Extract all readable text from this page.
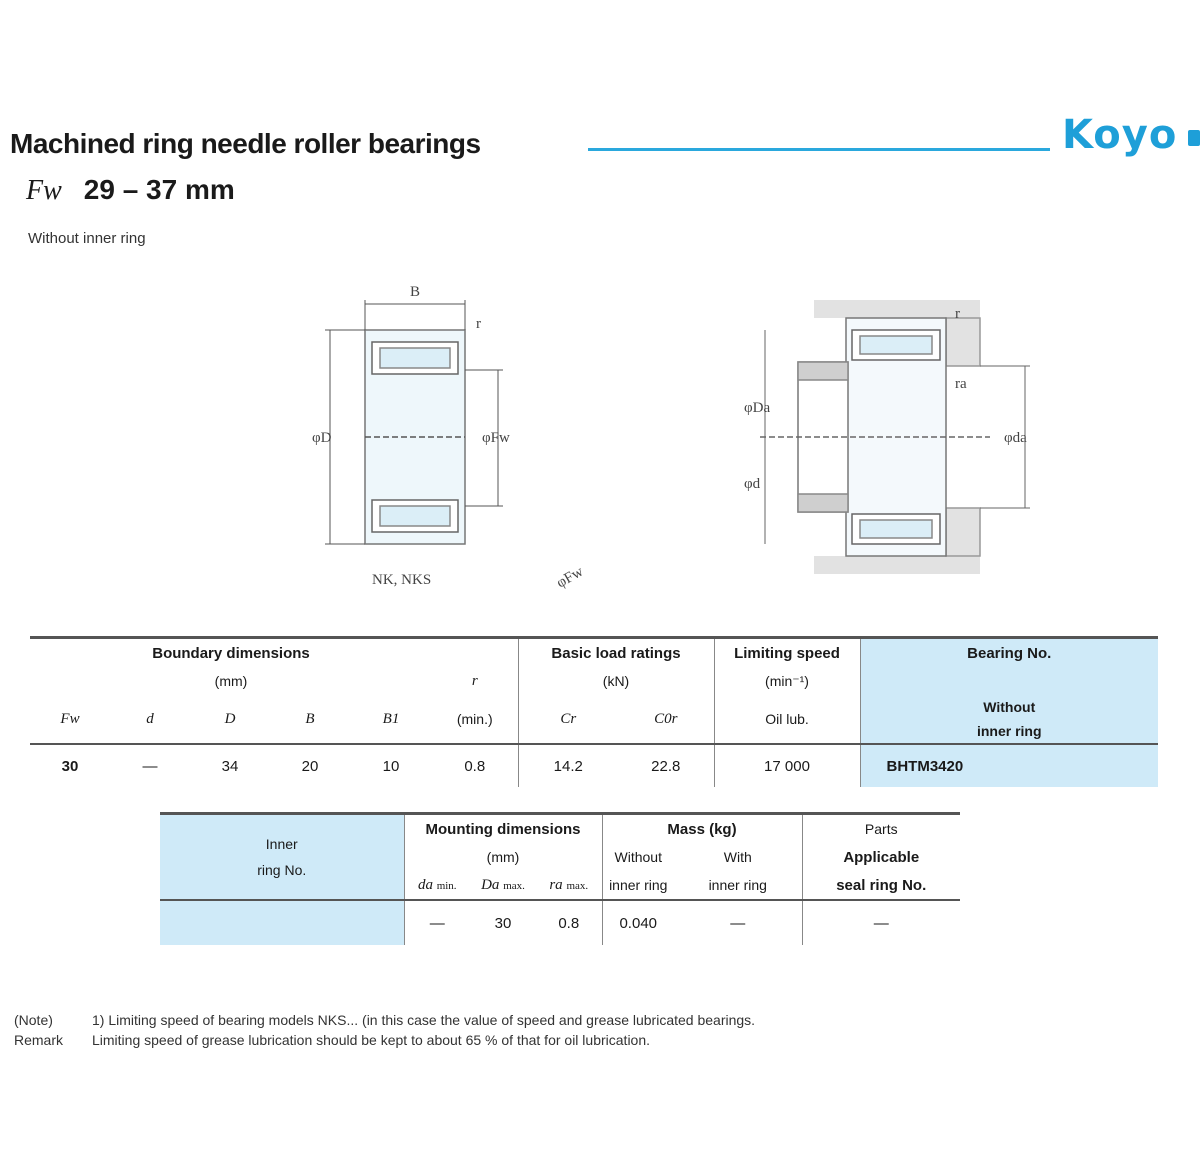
Machined ring needle roller bearings	Koyo
Fw 29 – 37 mm
Without inner ring
B
r
φD	φFw
NK, NKS	φFw
r
ra
φDa
φda
φd
Boundary dimensions						Basic load ratings		Limiting speed	Bearing No.
(mm)					r	(kN)		(min⁻¹)	
Fw	d	D	B	B1	(min.)	Cr	C0r	Oil lub.	Without
inner ring
30	—	34	20	10	0.8	14.2	22.8	17 000	BHTM3420
Inner
ring No.	Mounting dimensions			Mass (kg)		Parts
	(mm)			Without	With	Applicable
	da min.	Da max.	ra max.	inner ring	inner ring	seal ring No.
	—	30	0.8	0.040	—	—
(Note)	1) Limiting speed of bearing models NKS... (in this case the value of speed and grease lubricated bearings.
Remark Limiting speed of grease lubrication should be kept to about 65 % of that for oil lubrication.
